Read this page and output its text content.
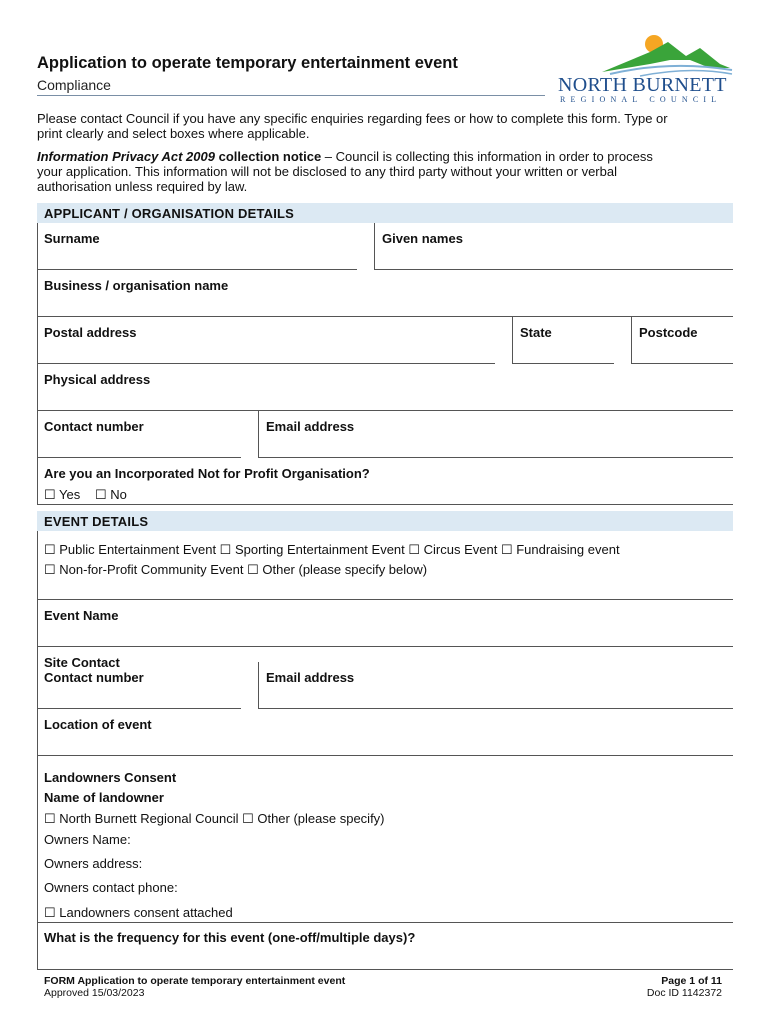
Application to operate temporary entertainment event
Compliance	NORTH BURNETT
REGIONAL COUNCIL
Please contact Council if you have any specific enquiries regarding fees or how to complete this form. Type or
print clearly and select boxes where applicable.
Information Privacy Act 2009 collection notice – Council is collecting this information in order to process
your application. This information will not be disclosed to any third party without your written or verbal
authorisation unless required by law.
APPLICANT / ORGANISATION DETAILS
Surname	Given names
Business / organisation name
Postal address	State	Postcode
Physical address
Contact number	Email address
Are you an Incorporated Not for Profit Organisation?
☐ Yes ☐ No
EVENT DETAILS
☐ Public Entertainment Event ☐ Sporting Entertainment Event ☐ Circus Event ☐ Fundraising event
☐ Non-for-Profit Community Event ☐ Other (please specify below)
Event Name
Site Contact
Contact number	Email address
Location of event
Landowners Consent
Name of landowner
☐ North Burnett Regional Council ☐ Other (please specify)
Owners Name:
Owners address:
Owners contact phone:
☐ Landowners consent attached
What is the frequency for this event (one-off/multiple days)?
FORM Application to operate temporary entertainment event
Approved 15/03/2023
Page 1 of 11
Doc ID 1142372
